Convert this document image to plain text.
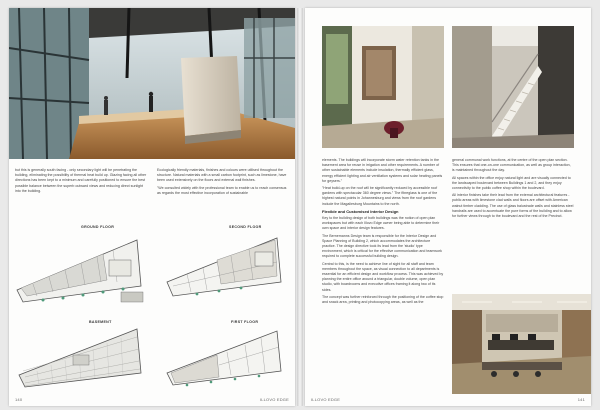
but this is generally south facing - only secondary light will be penetrating the building, eliminating the possibility of thermal heat build up. Glazing facing all other directions has been kept to a minimum and carefully positioned to ensure the best possible balance between the superb outward views and reducing direct sunlight into the building.

Ecologically friendly materials, finishes and colours were utilised throughout the structure. Natural materials with a small carbon footprint, such as limestone, have been used extensively on the floors and external wall finishes.

"We consulted widely with the professional team to enable us to reach consensus as regards the most effective incorporation of sustainable

GROUND FLOOR	SECOND FLOOR
BASEMENT	FIRST FLOOR
140	ILLOVO EDGE

elements. The buildings will incorporate storm water retention tanks in the basement area for reuse in irrigation and other requirements. A number of other sustainable elements include insulation, thermally efficient glass, energy efficient lighting and air ventilation systems and solar heating panels for geysers."

"Heat build-up on the roof will be significantly reduced by accessible roof gardens with spectacular 360 degree views." The fibreglass is one of the highest natural points in Johannesburg and views from the roof gardens include the Magaliesburg Mountains to the north.

Flexible and Customised Interior Design

Key to the building design of both buildings was the notion of open plan workspaces but with each Illovo Edge owner being able to determine their own space and interior design features.

The Bernemanns Design team is responsible for the Interior Design and Space Planning of Building 2, which accommodates the architecture practice. The design directive took its lead from the 'studio' type environment, which is critical for the effective communication and teamwork required to complete successful building design.

Central to this, is the need to achieve line of sight for all staff and team members throughout the space, as visual connection to all departments is essential for an efficient design and workflow process. This was achieved by planning the entire office around a triangular, double volume, open plan studio, with boardrooms and executive offices framing it along two of its sides.

The concept was further reinforced through the positioning of the coffee stop and snack area, printing and photocopying areas, as well as the

general communal work functions, at the centre of the open plan section. This ensures that one-on-one communication, as well as group interaction, is maintained throughout the day.

All spaces within the office enjoy natural light and are visually connected to the landscaped boulevard between Buildings 1 and 2, and they enjoy connectivity to the public coffee shop within the boulevard.

All interior finishes take their lead from the external architectural features - public areas with limestone clad walls and floors are offset with American walnut timber cladding. The use of glass balustrade walls and stainless steel handrails are used to accentuate the pure forms of the building and to allow for further views through to the boulevard and the rest of the Precinct.

ILLOVO EDGE	141
